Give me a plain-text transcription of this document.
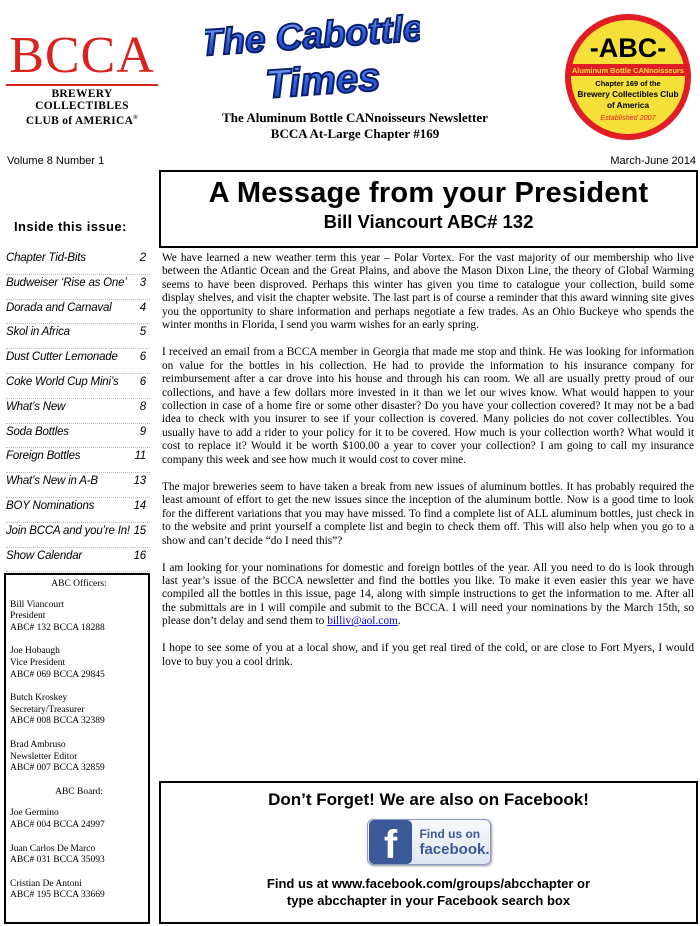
BCCA
BREWERY COLLECTIBLES
CLUB of AMERICA®
The Cabottle
Times
The Aluminum Bottle CANnoisseurs Newsletter
BCCA At-Large Chapter #169
-ABC-
Aluminum Bottle CANnoisseurs
Chapter 169 of the
Brewery Collectibles Club
of America
Established 2007
Volume 8 Number 1	March-June 2014
Inside this issue:
Chapter Tid-Bits	2
Budweiser ‘Rise as One’ 3
Dorada and Carnaval 4
Skol in Africa	5
Dust Cutter Lemonade 6
Coke World Cup Mini’s 6
What’s New	8
Soda Bottles	9
Foreign Bottles	11
What’s New in A-B	13
BOY Nominations	14
Join BCCA and you’re In! 15
Show Calendar	16
ABC Officers:
Bill Viancourt
President
ABC# 132 BCCA 18288
Joe Hobaugh
Vice President
ABC# 069 BCCA 29845
Butch Kroskey
Secretary/Treasurer
ABC# 008 BCCA 32389
Brad Ambruso
Newsletter Editor
ABC# 007 BCCA 32859
ABC Board:
Joe Germino
ABC# 004 BCCA 24997
Juan Carlos De Marco
ABC# 031 BCCA 35093
Cristian De Antoni
ABC# 195 BCCA 33669
A Message from your President
Bill Viancourt ABC# 132

We have learned a new weather term this year – Polar Vortex. For the vast majority of our membership who live between the Atlantic Ocean and the Great Plains, and above the Mason Dixon Line, the theory of Global Warming seems to have been disproved. Perhaps this winter has given you time to catalogue your collection, build some display shelves, and visit the chapter website. The last part is of course a reminder that this award winning site gives you the opportunity to share information and perhaps negotiate a few trades. As an Ohio Buckeye who spends the winter months in Florida, I send you warm wishes for an early spring.

I received an email from a BCCA member in Georgia that made me stop and think. He was looking for information on value for the bottles in his collection. He had to provide the information to his insurance company for reimbursement after a car drove into his house and through his can room. We all are usually pretty proud of our collections, and have a few dollars more invested in it than we let our wives know. What would happen to your collection in case of a home fire or some other disaster? Do you have your collection covered? It may not be a bad idea to check with you insurer to see if your collection is covered. Many policies do not cover collectibles. You usually have to add a rider to your policy for it to be covered. How much is your collection worth? What would it cost to replace it? Would it be worth $100.00 a year to cover your collection? I am going to call my insurance company this week and see how much it would cost to cover mine.

The major breweries seem to have taken a break from new issues of aluminum bottles. It has probably required the least amount of effort to get the new issues since the inception of the aluminum bottle. Now is a good time to look for the different variations that you may have missed. To find a complete list of ALL aluminum bottles, just check in to the website and print yourself a complete list and begin to check them off. This will also help when you go to a show and can’t decide “do I need this”?

I am looking for your nominations for domestic and foreign bottles of the year. All you need to do is look through last year’s issue of the BCCA newsletter and find the bottles you like. To make it even easier this year we have compiled all the bottles in this issue, page 14, along with simple instructions to get the information to me. After all the submittals are in I will compile and submit to the BCCA. I will need your nominations by the March 15th, so please don’t delay and send them to billiv@aol.com.

I hope to see some of you at a local show, and if you get real tired of the cold, or are close to Fort Myers, I would love to buy you a cool drink.

Don’t Forget! We are also on Facebook!
f	Find us on
facebook.
Find us at www.facebook.com/groups/abcchapter or
type abcchapter in your Facebook search box
